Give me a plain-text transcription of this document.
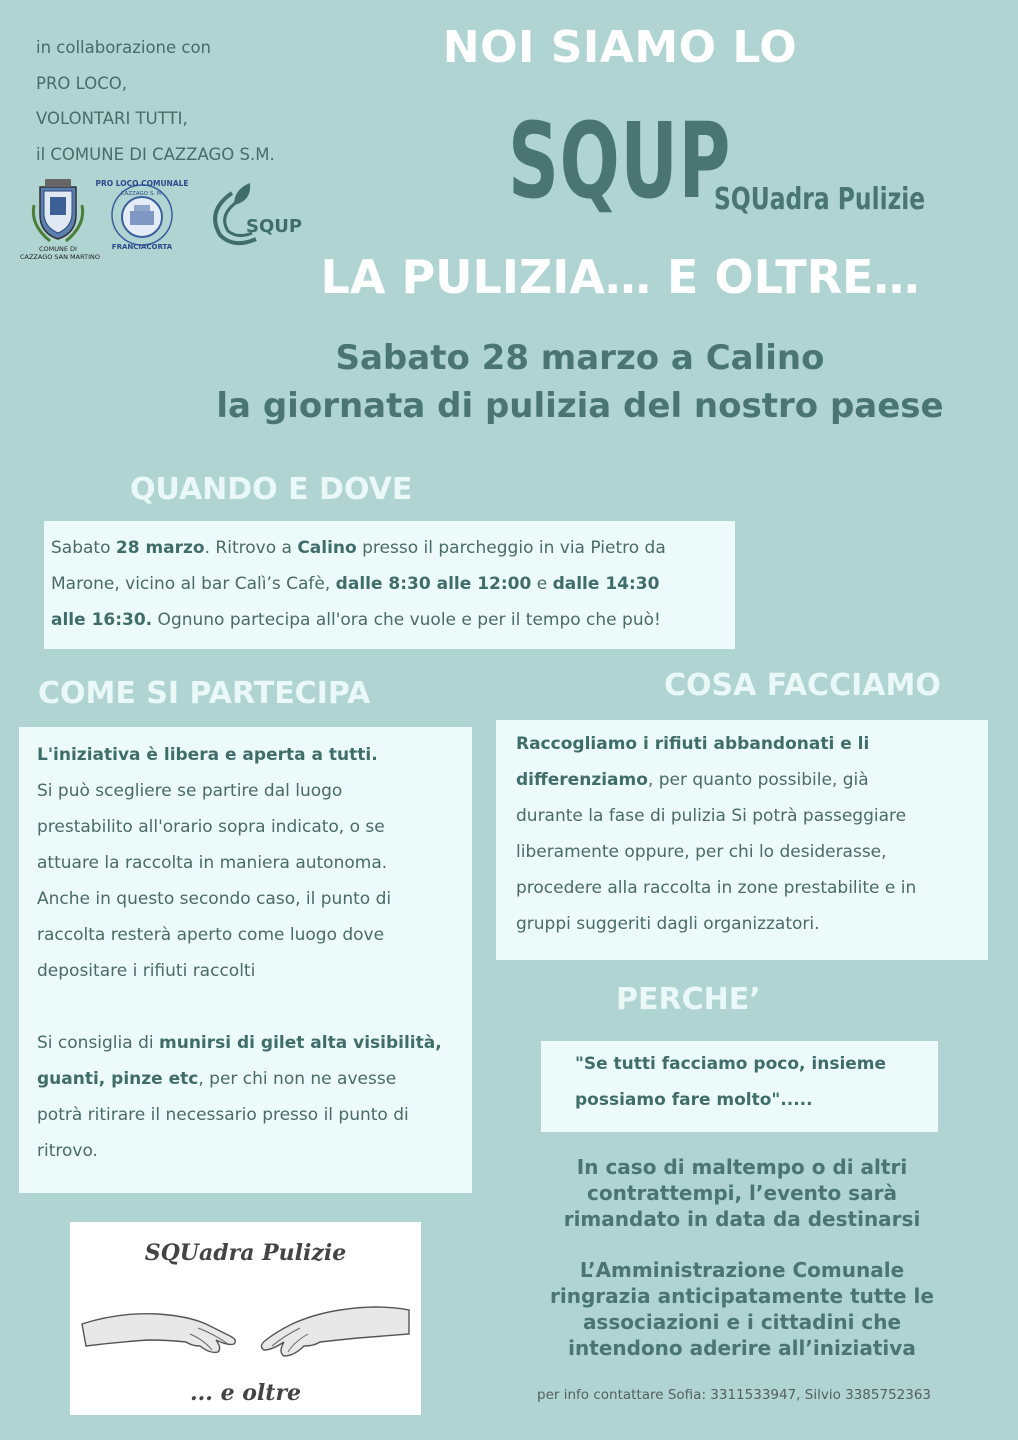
in collaborazione con
PRO LOCO,
VOLONTARI TUTTI,
il COMUNE DI CAZZAGO S.M.
COMUNE DI
CAZZAGO SAN MARTINO
PRO LOCO COMUNALE
CAZZAGO S. M.
FRANCIACORTA
SQUP
NOI SIAMO LO
SQUP
SQUadra Pulizie
LA PULIZIA… E OLTRE…
Sabato 28 marzo a Calino
la giornata di pulizia del nostro paese
QUANDO E DOVE
Sabato 28 marzo. Ritrovo a Calino presso il parcheggio in via Pietro da
Marone, vicino al bar Calì’s Cafè, dalle 8:30 alle 12:00 e dalle 14:30
alle 16:30. Ognuno partecipa all'ora che vuole e per il tempo che può!
COME SI PARTECIPA
L'iniziativa è libera e aperta a tutti.
Si può scegliere se partire dal luogo
prestabilito all'orario sopra indicato, o se
attuare la raccolta in maniera autonoma.
Anche in questo secondo caso, il punto di
raccolta resterà aperto come luogo dove
depositare i rifiuti raccolti
Si consiglia di munirsi di gilet alta visibilità,
guanti, pinze etc, per chi non ne avesse
potrà ritirare il necessario presso il punto di
ritrovo.
COSA FACCIAMO
Raccogliamo i rifiuti abbandonati e li
differenziamo, per quanto possibile, già
durante la fase di pulizia Si potrà passeggiare
liberamente oppure, per chi lo desiderasse,
procedere alla raccolta in zone prestabilite e in
gruppi suggeriti dagli organizzatori.
PERCHE’
"Se tutti facciamo poco, insieme
possiamo fare molto".....
In caso di maltempo o di altri
contrattempi, l’evento sarà
rimandato in data da destinarsi
L’Amministrazione Comunale
ringrazia anticipatamente tutte le
associazioni e i cittadini che
intendono aderire all’iniziativa
per info contattare Sofia: 3311533947, Silvio 3385752363
SQUadra Pulizie
... e oltre
